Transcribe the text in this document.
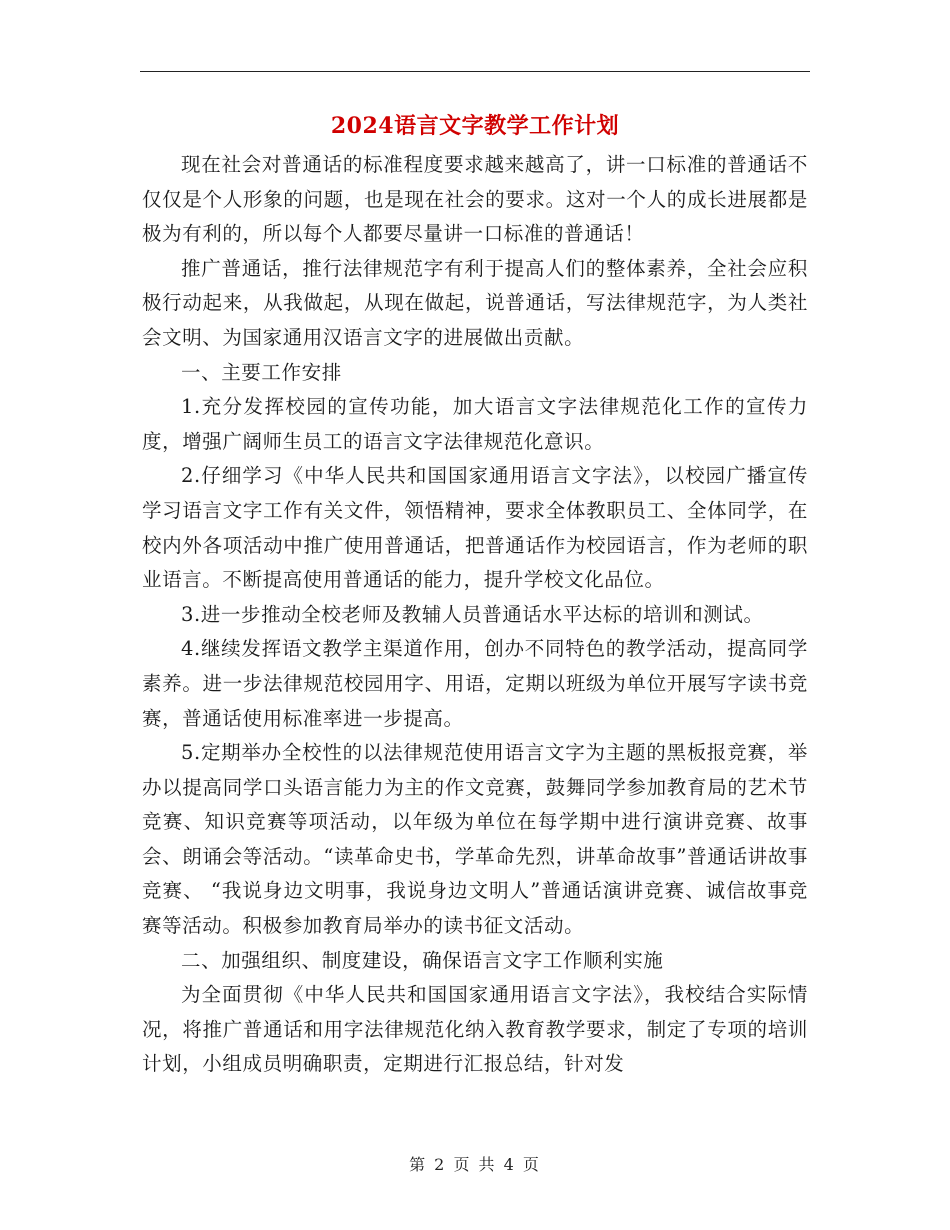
2024语言文字教学工作计划

现在社会对普通话的标准程度要求越来越高了，讲一口标准的普通话不仅仅是个人形象的问题，也是现在社会的要求。这对一个人的成长进展都是极为有利的，所以每个人都要尽量讲一口标准的普通话！

推广普通话，推行法律规范字有利于提高人们的整体素养，全社会应积极行动起来，从我做起，从现在做起，说普通话，写法律规范字，为人类社会文明、为国家通用汉语言文字的进展做出贡献。

一、主要工作安排

1.充分发挥校园的宣传功能，加大语言文字法律规范化工作的宣传力度，增强广阔师生员工的语言文字法律规范化意识。

2.仔细学习《中华人民共和国国家通用语言文字法》，以校园广播宣传学习语言文字工作有关文件，领悟精神，要求全体教职员工、全体同学，在校内外各项活动中推广使用普通话，把普通话作为校园语言，作为老师的职业语言。不断提高使用普通话的能力，提升学校文化品位。

3.进一步推动全校老师及教辅人员普通话水平达标的培训和测试。

4.继续发挥语文教学主渠道作用，创办不同特色的教学活动，提高同学素养。进一步法律规范校园用字、用语，定期以班级为单位开展写字读书竞赛，普通话使用标准率进一步提高。

5.定期举办全校性的以法律规范使用语言文字为主题的黑板报竞赛，举办以提高同学口头语言能力为主的作文竞赛，鼓舞同学参加教育局的艺术节竞赛、知识竞赛等项活动，以年级为单位在每学期中进行演讲竞赛、故事会、朗诵会等活动。“读革命史书，学革命先烈，讲革命故事”普通话讲故事竞赛、 “我说身边文明事，我说身边文明人”普通话演讲竞赛、诚信故事竞赛等活动。积极参加教育局举办的读书征文活动。

二、加强组织、制度建设，确保语言文字工作顺利实施

为全面贯彻《中华人民共和国国家通用语言文字法》，我校结合实际情况，将推广普通话和用字法律规范化纳入教育教学要求，制定了专项的培训计划，小组成员明确职责，定期进行汇报总结，针对发

第 2 页 共 4 页
